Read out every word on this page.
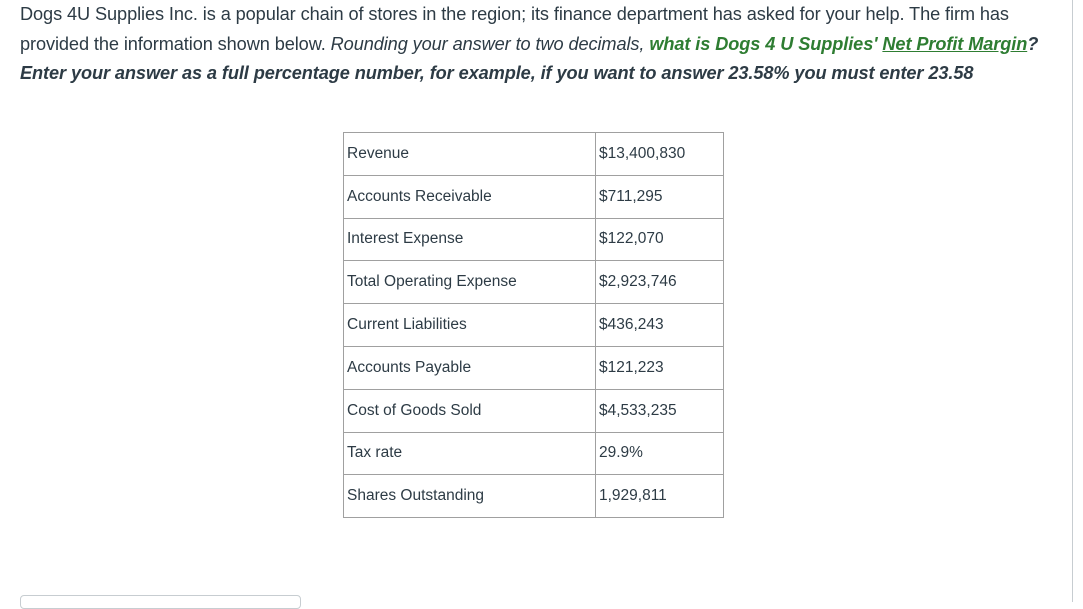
Dogs 4U Supplies Inc. is a popular chain of stores in the region; its finance department has asked for your help. The firm has provided the information shown below. Rounding your answer to two decimals, what is Dogs 4 U Supplies' Net Profit Margin? Enter your answer as a full percentage number, for example, if you want to answer 23.58% you must enter 23.58
Revenue	$13,400,830
Accounts Receivable	$711,295
Interest Expense	$122,070
Total Operating Expense	$2,923,746
Current Liabilities	$436,243
Accounts Payable	$121,223
Cost of Goods Sold	$4,533,235
Tax rate	29.9%
Shares Outstanding	1,929,811
